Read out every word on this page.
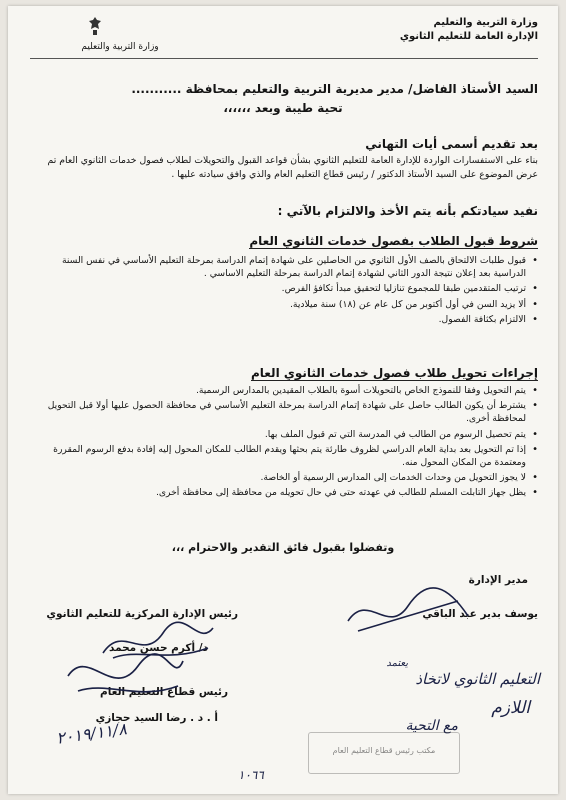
وزارة التربية والتعليم
الإدارة العامة للتعليم الثانوي
وزارة التربية والتعليم
السيد الأستاذ الفاضل/ مدير مديرية التربية والتعليم بمحافظة ...........
تحية طيبة وبعد ،،،،،،
بعد تقديم أسمى أيات التهاني
بناء على الاستفسارات الواردة للإدارة العامة للتعليم الثانوي بشأن قواعد القبول والتحويلات لطلاب فصول خدمات الثانوي العام تم عرض الموضوع على السيد الأستاذ الدكتور / رئيس قطاع التعليم العام والذي وافق سيادته عليها .
نفيد سيادتكم بأنه يتم الأخذ والالتزام بالآتي :
شروط قبول الطلاب بفصول خدمات الثانوي العام
• قبول طلبات الالتحاق بالصف الأول الثانوي من الحاصلين على شهادة إتمام الدراسة بمرحلة التعليم الأساسي في نفس السنة الدراسية بعد إعلان نتيجة الدور الثاني لشهادة إتمام الدراسة بمرحلة التعليم الاساسي .
• ترتيب المتقدمين طبقا للمجموع تنازليا لتحقيق مبدأ تكافؤ الفرص.
• ألا يزيد السن في أول أكتوبر من كل عام عن (١٨) سنة ميلادية.
• الالتزام بكثافة الفصول.
إجراءات تحويل طلاب فصول خدمات الثانوي العام
• يتم التحويل وفقا للنموذج الخاص بالتحويلات أسوة بالطلاب المقيدين بالمدارس الرسمية.
• يشترط أن يكون الطالب حاصل على شهادة إتمام الدراسة بمرحلة التعليم الأساسي في محافظة الحصول عليها أولا قبل التحويل لمحافظة أخرى.
• يتم تحصيل الرسوم من الطالب في المدرسة التي تم قبول الملف بها.
• إذا تم التحويل بعد بداية العام الدراسي لظروف طارئة يتم بحثها ويقدم الطالب للمكان المحول إليه إفادة بدفع الرسوم المقررة ومعتمدة من المكان المحول منه.
• لا يجوز التحويل من وحدات الخدمات إلى المدارس الرسمية أو الخاصة.
• يظل جهاز التابلت المسلم للطالب في عهدته حتى في حال تحويله من محافظة إلى محافظة أخرى.
وتفضلوا بقبول فائق التقدير والاحترام ،،،
مدير الإدارة
يوسف بدير عبد الباقي
رئيس الإدارة المركزية للتعليم الثانوي
د/ أكرم حسن محمد
رئيس قطاع التعليم العام
أ . د . رضا السيد حجازي
يعتمد
التعليم الثانوي لاتخاذ
اللازم
مع التحية
٢٠١٩/١١/٨
مكتب رئيس قطاع التعليم العام
١٠٦٦
